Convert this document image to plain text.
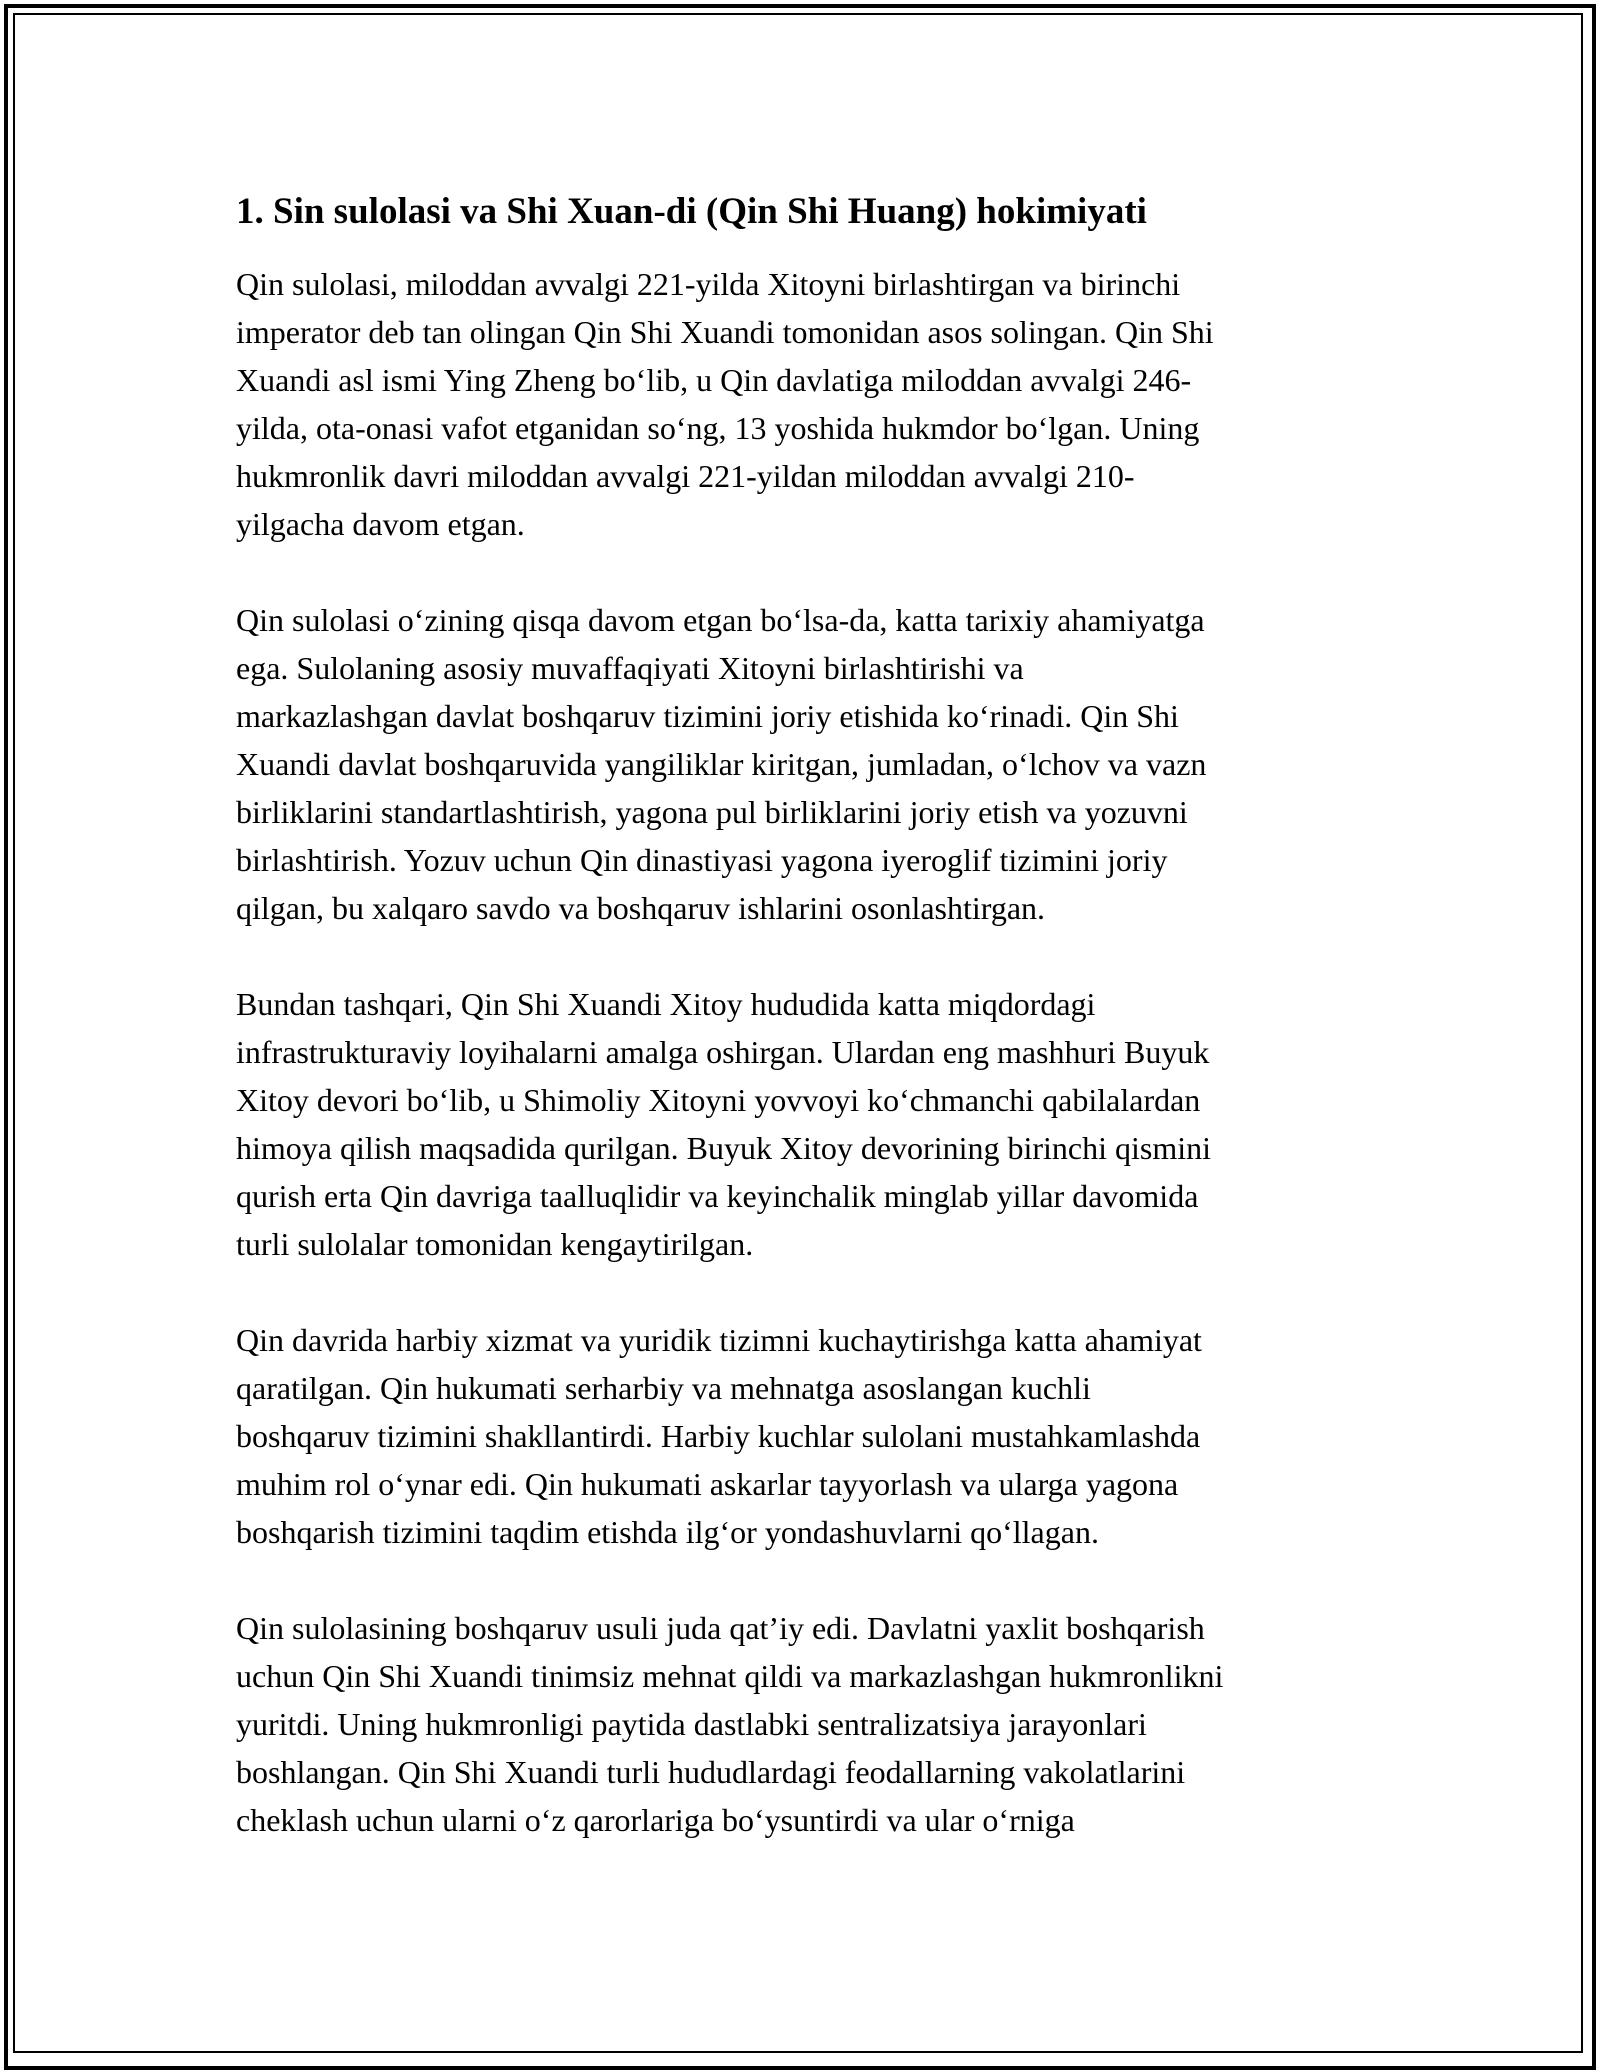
1. Sin sulolasi va Shi Xuan-di (Qin Shi Huang) hokimiyati

Qin sulolasi, miloddan avvalgi 221-yilda Xitoyni birlashtirgan va birinchi
imperator deb tan olingan Qin Shi Xuandi tomonidan asos solingan. Qin Shi
Xuandi asl ismi Ying Zheng bo‘lib, u Qin davlatiga miloddan avvalgi 246-
yilda, ota-onasi vafot etganidan so‘ng, 13 yoshida hukmdor bo‘lgan. Uning
hukmronlik davri miloddan avvalgi 221-yildan miloddan avvalgi 210-
yilgacha davom etgan.

Qin sulolasi o‘zining qisqa davom etgan bo‘lsa-da, katta tarixiy ahamiyatga
ega. Sulolaning asosiy muvaffaqiyati Xitoyni birlashtirishi va
markazlashgan davlat boshqaruv tizimini joriy etishida ko‘rinadi. Qin Shi
Xuandi davlat boshqaruvida yangiliklar kiritgan, jumladan, o‘lchov va vazn
birliklarini standartlashtirish, yagona pul birliklarini joriy etish va yozuvni
birlashtirish. Yozuv uchun Qin dinastiyasi yagona iyeroglif tizimini joriy
qilgan, bu xalqaro savdo va boshqaruv ishlarini osonlashtirgan.

Bundan tashqari, Qin Shi Xuandi Xitoy hududida katta miqdordagi
infrastrukturaviy loyihalarni amalga oshirgan. Ulardan eng mashhuri Buyuk
Xitoy devori bo‘lib, u Shimoliy Xitoyni yovvoyi ko‘chmanchi qabilalardan
himoya qilish maqsadida qurilgan. Buyuk Xitoy devorining birinchi qismini
qurish erta Qin davriga taalluqlidir va keyinchalik minglab yillar davomida
turli sulolalar tomonidan kengaytirilgan.

Qin davrida harbiy xizmat va yuridik tizimni kuchaytirishga katta ahamiyat
qaratilgan. Qin hukumati serharbiy va mehnatga asoslangan kuchli
boshqaruv tizimini shakllantirdi. Harbiy kuchlar sulolani mustahkamlashda
muhim rol o‘ynar edi. Qin hukumati askarlar tayyorlash va ularga yagona
boshqarish tizimini taqdim etishda ilg‘or yondashuvlarni qo‘llagan.

Qin sulolasining boshqaruv usuli juda qat’iy edi. Davlatni yaxlit boshqarish
uchun Qin Shi Xuandi tinimsiz mehnat qildi va markazlashgan hukmronlikni
yuritdi. Uning hukmronligi paytida dastlabki sentralizatsiya jarayonlari
boshlangan. Qin Shi Xuandi turli hududlardagi feodallarning vakolatlarini
cheklash uchun ularni o‘z qarorlariga bo‘ysuntirdi va ular o‘rniga
